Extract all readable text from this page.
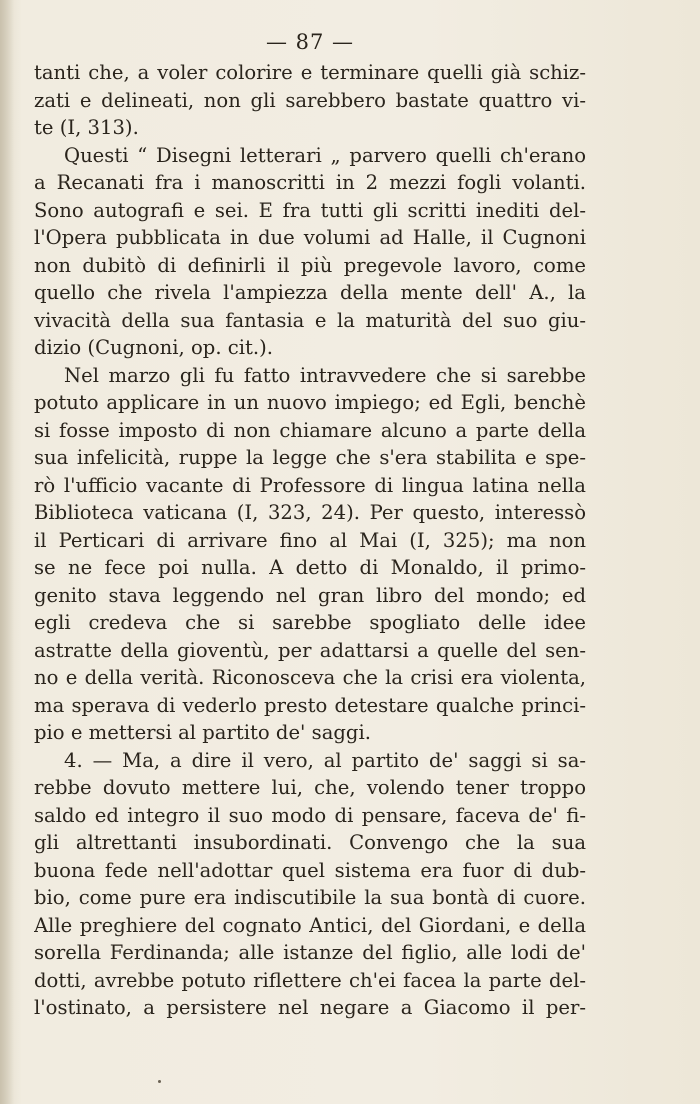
— 87 —
tanti che, a voler colorire e terminare quelli già schiz-
zati e delineati, non gli sarebbero bastate quattro vi-
te (I, 313).
Questi “ Disegni letterari „ parvero quelli ch'erano
a Recanati fra i manoscritti in 2 mezzi fogli volanti.
Sono autografi e sei. E fra tutti gli scritti inediti del-
l'Opera pubblicata in due volumi ad Halle, il Cugnoni
non dubitò di definirli il più pregevole lavoro, come
quello che rivela l'ampiezza della mente dell' A., la
vivacità della sua fantasia e la maturità del suo giu-
dizio (Cugnoni, op. cit.).
Nel marzo gli fu fatto intravvedere che si sarebbe
potuto applicare in un nuovo impiego; ed Egli, benchè
si fosse imposto di non chiamare alcuno a parte della
sua infelicità, ruppe la legge che s'era stabilita e spe-
rò l'ufficio vacante di Professore di lingua latina nella
Biblioteca vaticana (I, 323, 24). Per questo, interessò
il Perticari di arrivare fino al Mai (I, 325); ma non
se ne fece poi nulla. A detto di Monaldo, il primo-
genito stava leggendo nel gran libro del mondo; ed
egli credeva che si sarebbe spogliato delle idee
astratte della gioventù, per adattarsi a quelle del sen-
no e della verità. Riconosceva che la crisi era violenta,
ma sperava di vederlo presto detestare qualche princi-
pio e mettersi al partito de' saggi.
4. — Ma, a dire il vero, al partito de' saggi si sa-
rebbe dovuto mettere lui, che, volendo tener troppo
saldo ed integro il suo modo di pensare, faceva de' fi-
gli altrettanti insubordinati. Convengo che la sua
buona fede nell'adottar quel sistema era fuor di dub-
bio, come pure era indiscutibile la sua bontà di cuore.
Alle preghiere del cognato Antici, del Giordani, e della
sorella Ferdinanda; alle istanze del figlio, alle lodi de'
dotti, avrebbe potuto riflettere ch'ei facea la parte del-
l'ostinato, a persistere nel negare a Giacomo il per-
